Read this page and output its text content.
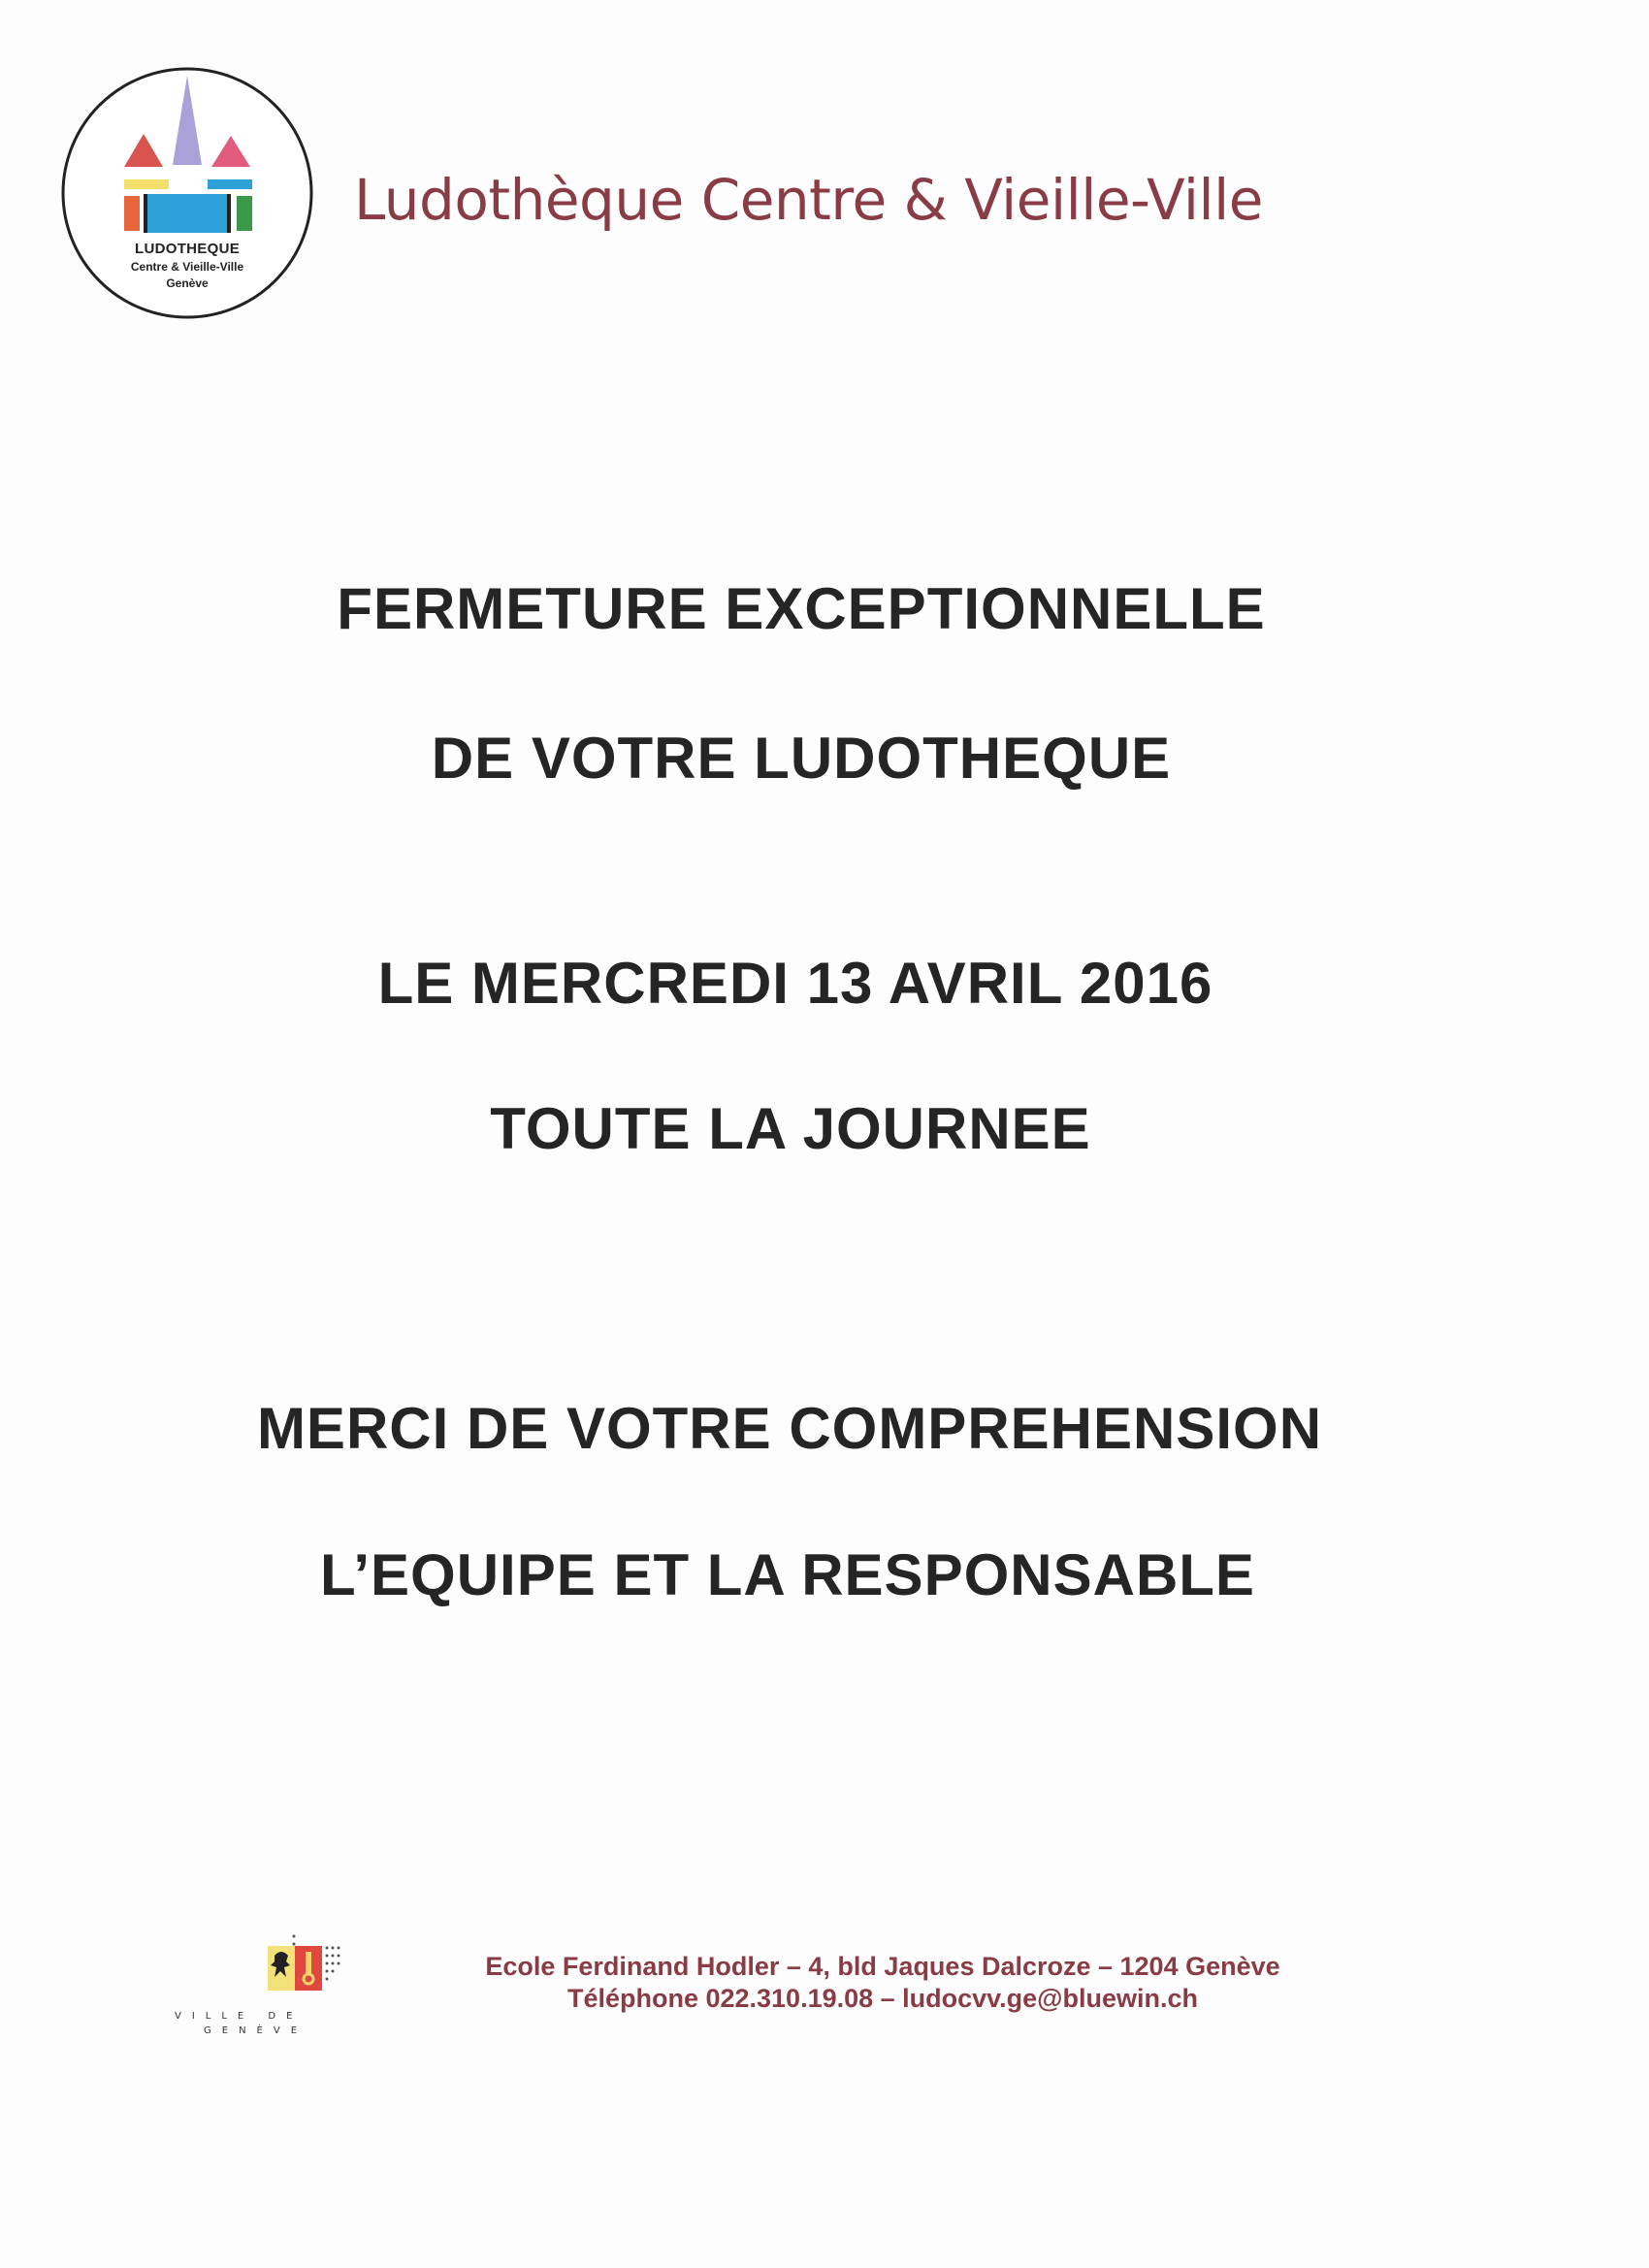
LUDOTHEQUE
Centre & Vieille-Ville
Genève
Ludothèque Centre & Vieille-Ville
FERMETURE EXCEPTIONNELLE
DE VOTRE LUDOTHEQUE
LE MERCREDI 13 AVRIL 2016
TOUTE LA JOURNEE
MERCI DE VOTRE COMPREHENSION
L’EQUIPE ET LA RESPONSABLE
VILLE DE
GENÈVE
Ecole Ferdinand Hodler – 4, bld Jaques Dalcroze – 1204 Genève
Téléphone 022.310.19.08 – ludocvv.ge@bluewin.ch
